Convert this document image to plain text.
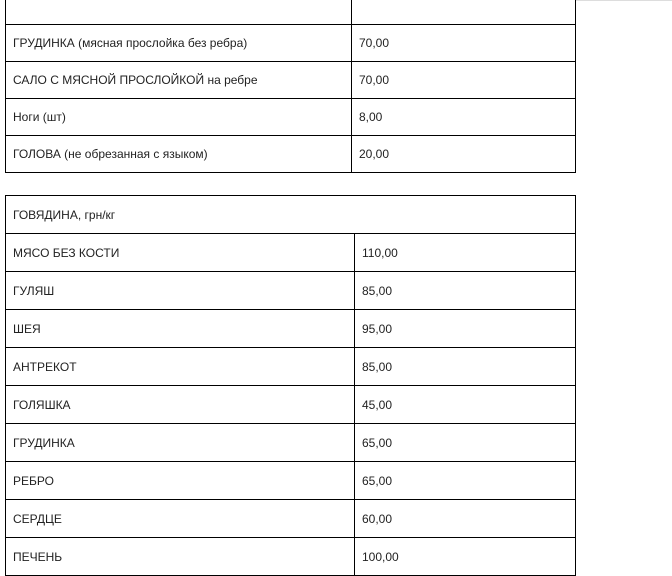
ГРУДИНКА (мясная прослойка без ребра)	70,00
САЛО С МЯСНОЙ ПРОСЛОЙКОЙ на ребре	70,00
Ноги (шт)	8,00
ГОЛОВА (не обрезанная с языком)	20,00
ГОВЯДИНА, грн/кг	
МЯСО БЕЗ КОСТИ	110,00
ГУЛЯШ	85,00
ШЕЯ	95,00
АНТРЕКОТ	85,00
ГОЛЯШКА	45,00
ГРУДИНКА	65,00
РЕБРО	65,00
СЕРДЦЕ	60,00
ПЕЧЕНЬ	100,00
